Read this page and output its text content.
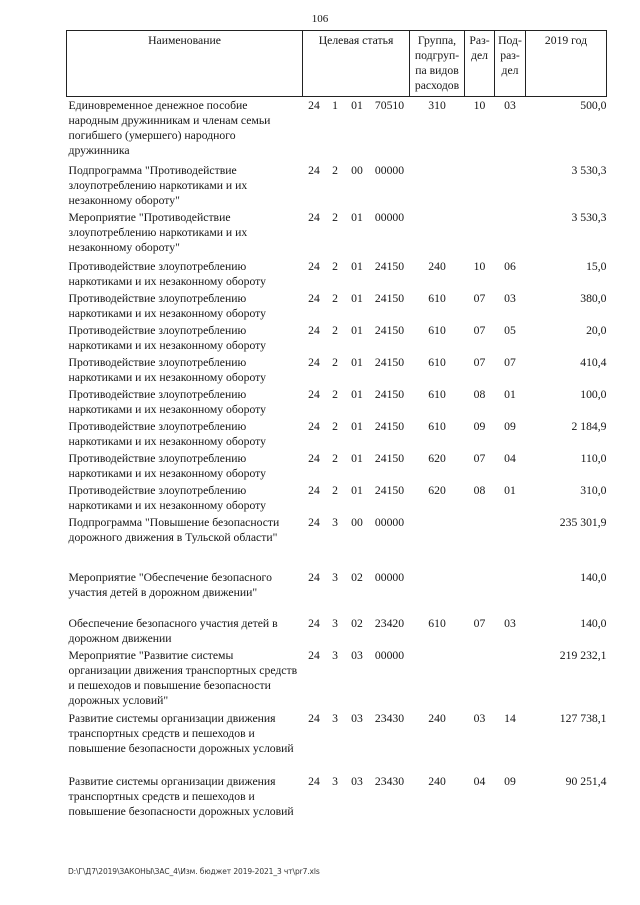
106
Наименование	Целевая статья				Группа, подгруп-па видов расходов	Раз-дел	Под-раз-дел	2019 год
Единовременное денежное пособие народным дружинникам и членам семьи погибшего (умершего) народного дружинника	24	1	01	70510	310	10	03	500,0
Подпрограмма "Противодействие злоупотреблению наркотиками и их незаконному обороту"	24	2	00	00000				3 530,3
Мероприятие "Противодействие злоупотреблению наркотиками и их незаконному обороту"	24	2	01	00000				3 530,3
Противодействие злоупотреблению наркотиками и их незаконному обороту	24	2	01	24150	240	10	06	15,0
Противодействие злоупотреблению наркотиками и их незаконному обороту	24	2	01	24150	610	07	03	380,0
Противодействие злоупотреблению наркотиками и их незаконному обороту	24	2	01	24150	610	07	05	20,0
Противодействие злоупотреблению наркотиками и их незаконному обороту	24	2	01	24150	610	07	07	410,4
Противодействие злоупотреблению наркотиками и их незаконному обороту	24	2	01	24150	610	08	01	100,0
Противодействие злоупотреблению наркотиками и их незаконному обороту	24	2	01	24150	610	09	09	2 184,9
Противодействие злоупотреблению наркотиками и их незаконному обороту	24	2	01	24150	620	07	04	110,0
Противодействие злоупотреблению наркотиками и их незаконному обороту	24	2	01	24150	620	08	01	310,0
Подпрограмма "Повышение безопасности дорожного движения в Тульской области"	24	3	00	00000				235 301,9
Мероприятие "Обеспечение безопасного участия детей в дорожном движении"	24	3	02	00000				140,0
Обеспечение безопасного участия детей в дорожном движении	24	3	02	23420	610	07	03	140,0
Мероприятие "Развитие системы организации движения транспортных средств и пешеходов и повышение безопасности дорожных условий"	24	3	03	00000				219 232,1
Развитие системы организации движения транспортных средств и пешеходов и повышение безопасности дорожных условий	24	3	03	23430	240	03	14	127 738,1
Развитие системы организации движения транспортных средств и пешеходов и повышение безопасности дорожных условий	24	3	03	23430	240	04	09	90 251,4
D:\Г\Д7\2019\ЗАКОНЫ\ЗАС_4\Изм. бюджет 2019-2021_3 чт\pr7.xls
